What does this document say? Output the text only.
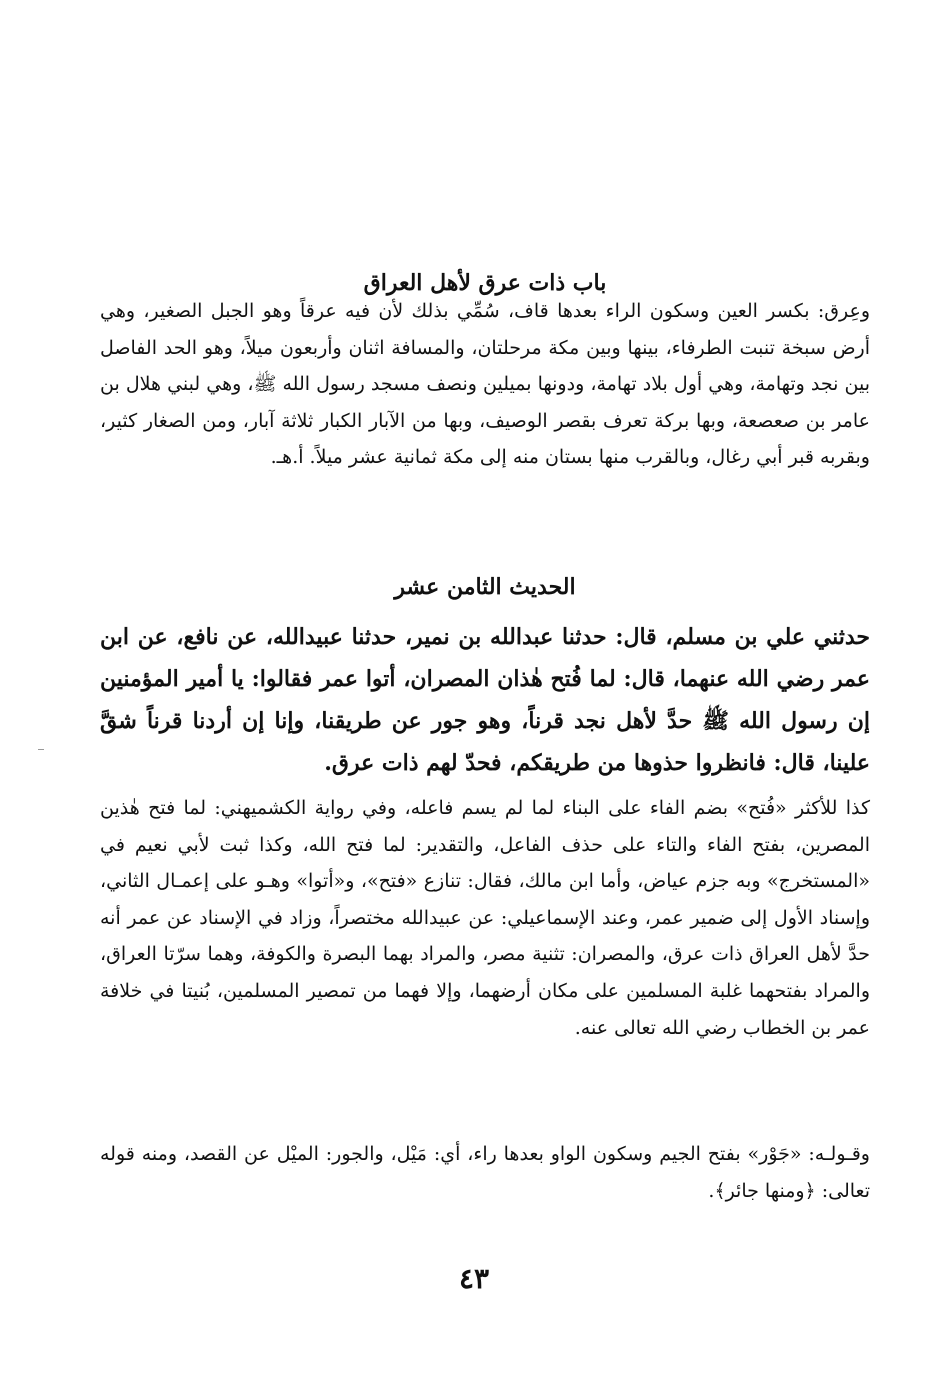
باب ذات عرق لأهل العراق

وعِرق: بكسر العين وسكون الراء بعدها قاف، سُمِّي بذلك لأن فيه عرقاً وهو الجبل الصغير، وهي أرض سبخة تنبت الطرفاء، بينها وبين مكة مرحلتان، والمسافة اثنان وأربعون ميلاً، وهو الحد الفاصل بين نجد وتهامة، وهي أول بلاد تهامة، ودونها بميلين ونصف مسجد رسول الله ﷺ، وهي لبني هلال بن عامر بن صعصعة، وبها بركة تعرف بقصر الوصيف، وبها من الآبار الكبار ثلاثة آبار، ومن الصغار كثير، وبقربه قبر أبي رغال، وبالقرب منها بستان منه إلى مكة ثمانية عشر ميلاً. أ.هـ.

الحديث الثامن عشر

حدثني علي بن مسلم، قال: حدثنا عبدالله بن نمير، حدثنا عبيدالله، عن نافع، عن ابن عمر رضي الله عنهما، قال: لما فُتح هٰذان المصران، أتوا عمر فقالوا: يا أمير المؤمنين إن رسول الله ﷺ حدَّ لأهل نجد قرناً، وهو جور عن طريقنا، وإنا إن أردنا قرناً شقَّ علينا، قال: فانظروا حذوها من طريقكم، فحدّ لهم ذات عرق.

كذا للأكثر «فُتح» بضم الفاء على البناء لما لم يسم فاعله، وفي رواية الكشميهني: لما فتح هٰذين المصرين، بفتح الفاء والتاء على حذف الفاعل، والتقدير: لما فتح الله، وكذا ثبت لأبي نعيم في «المستخرج» وبه جزم عياض، وأما ابن مالك، فقال: تنازع «فتح»، و«أتوا» وهـو على إعمـال الثاني، وإسناد الأول إلى ضمير عمر، وعند الإسماعيلي: عن عبيدالله مختصراً، وزاد في الإسناد عن عمر أنه حدَّ لأهل العراق ذات عرق، والمصران: تثنية مصر، والمراد بهما البصرة والكوفة، وهما سرّتا العراق، والمراد بفتحهما غلبة المسلمين على مكان أرضهما، وإلا فهما من تمصير المسلمين، بُنيتا في خلافة عمر بن الخطاب رضي الله تعالى عنه.

وقـولـه: «جَوْر» بفتح الجيم وسكون الواو بعدها راء، أي: مَيْل، والجور: الميْل عن القصد، ومنه قوله تعالى: ﴿ومنها جائر﴾.

٤٣
